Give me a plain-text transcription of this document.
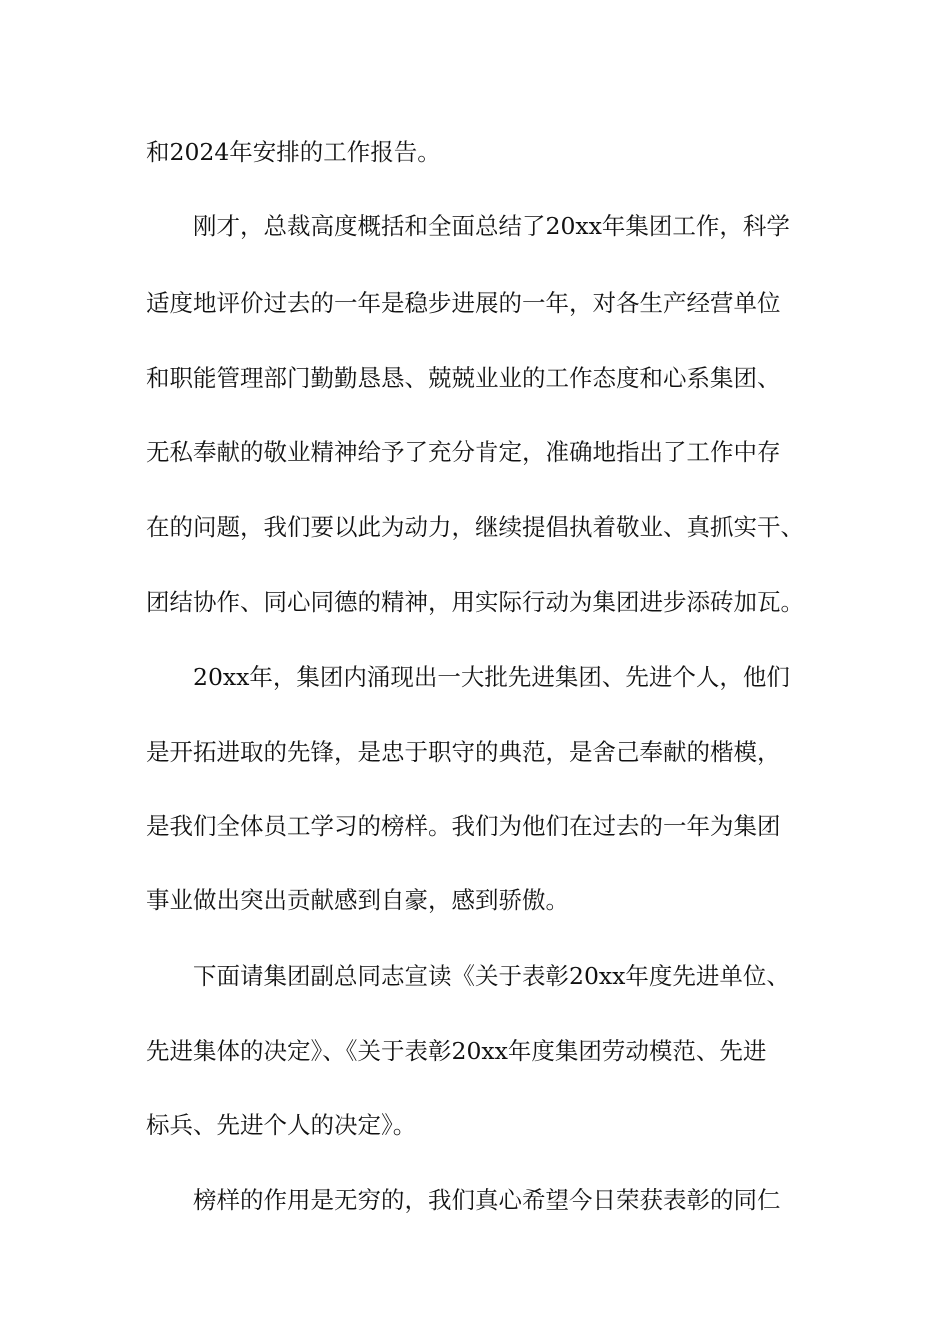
和2024年安排的工作报告。
刚才，总裁高度概括和全面总结了20xx年集团工作，科学
适度地评价过去的一年是稳步进展的一年，对各生产经营单位
和职能管理部门勤勤恳恳、兢兢业业的工作态度和心系集团、
无私奉献的敬业精神给予了充分肯定，准确地指出了工作中存
在的问题，我们要以此为动力，继续提倡执着敬业、真抓实干、
团结协作、同心同德的精神，用实际行动为集团进步添砖加瓦。
20xx年，集团内涌现出一大批先进集团、先进个人，他们
是开拓进取的先锋，是忠于职守的典范，是舍己奉献的楷模，
是我们全体员工学习的榜样。我们为他们在过去的一年为集团
事业做出突出贡献感到自豪，感到骄傲。
下面请集团副总同志宣读《关于表彰20xx年度先进单位、
先进集体的决定》、《关于表彰20xx年度集团劳动模范、先进
标兵、先进个人的决定》。
榜样的作用是无穷的，我们真心希望今日荣获表彰的同仁
